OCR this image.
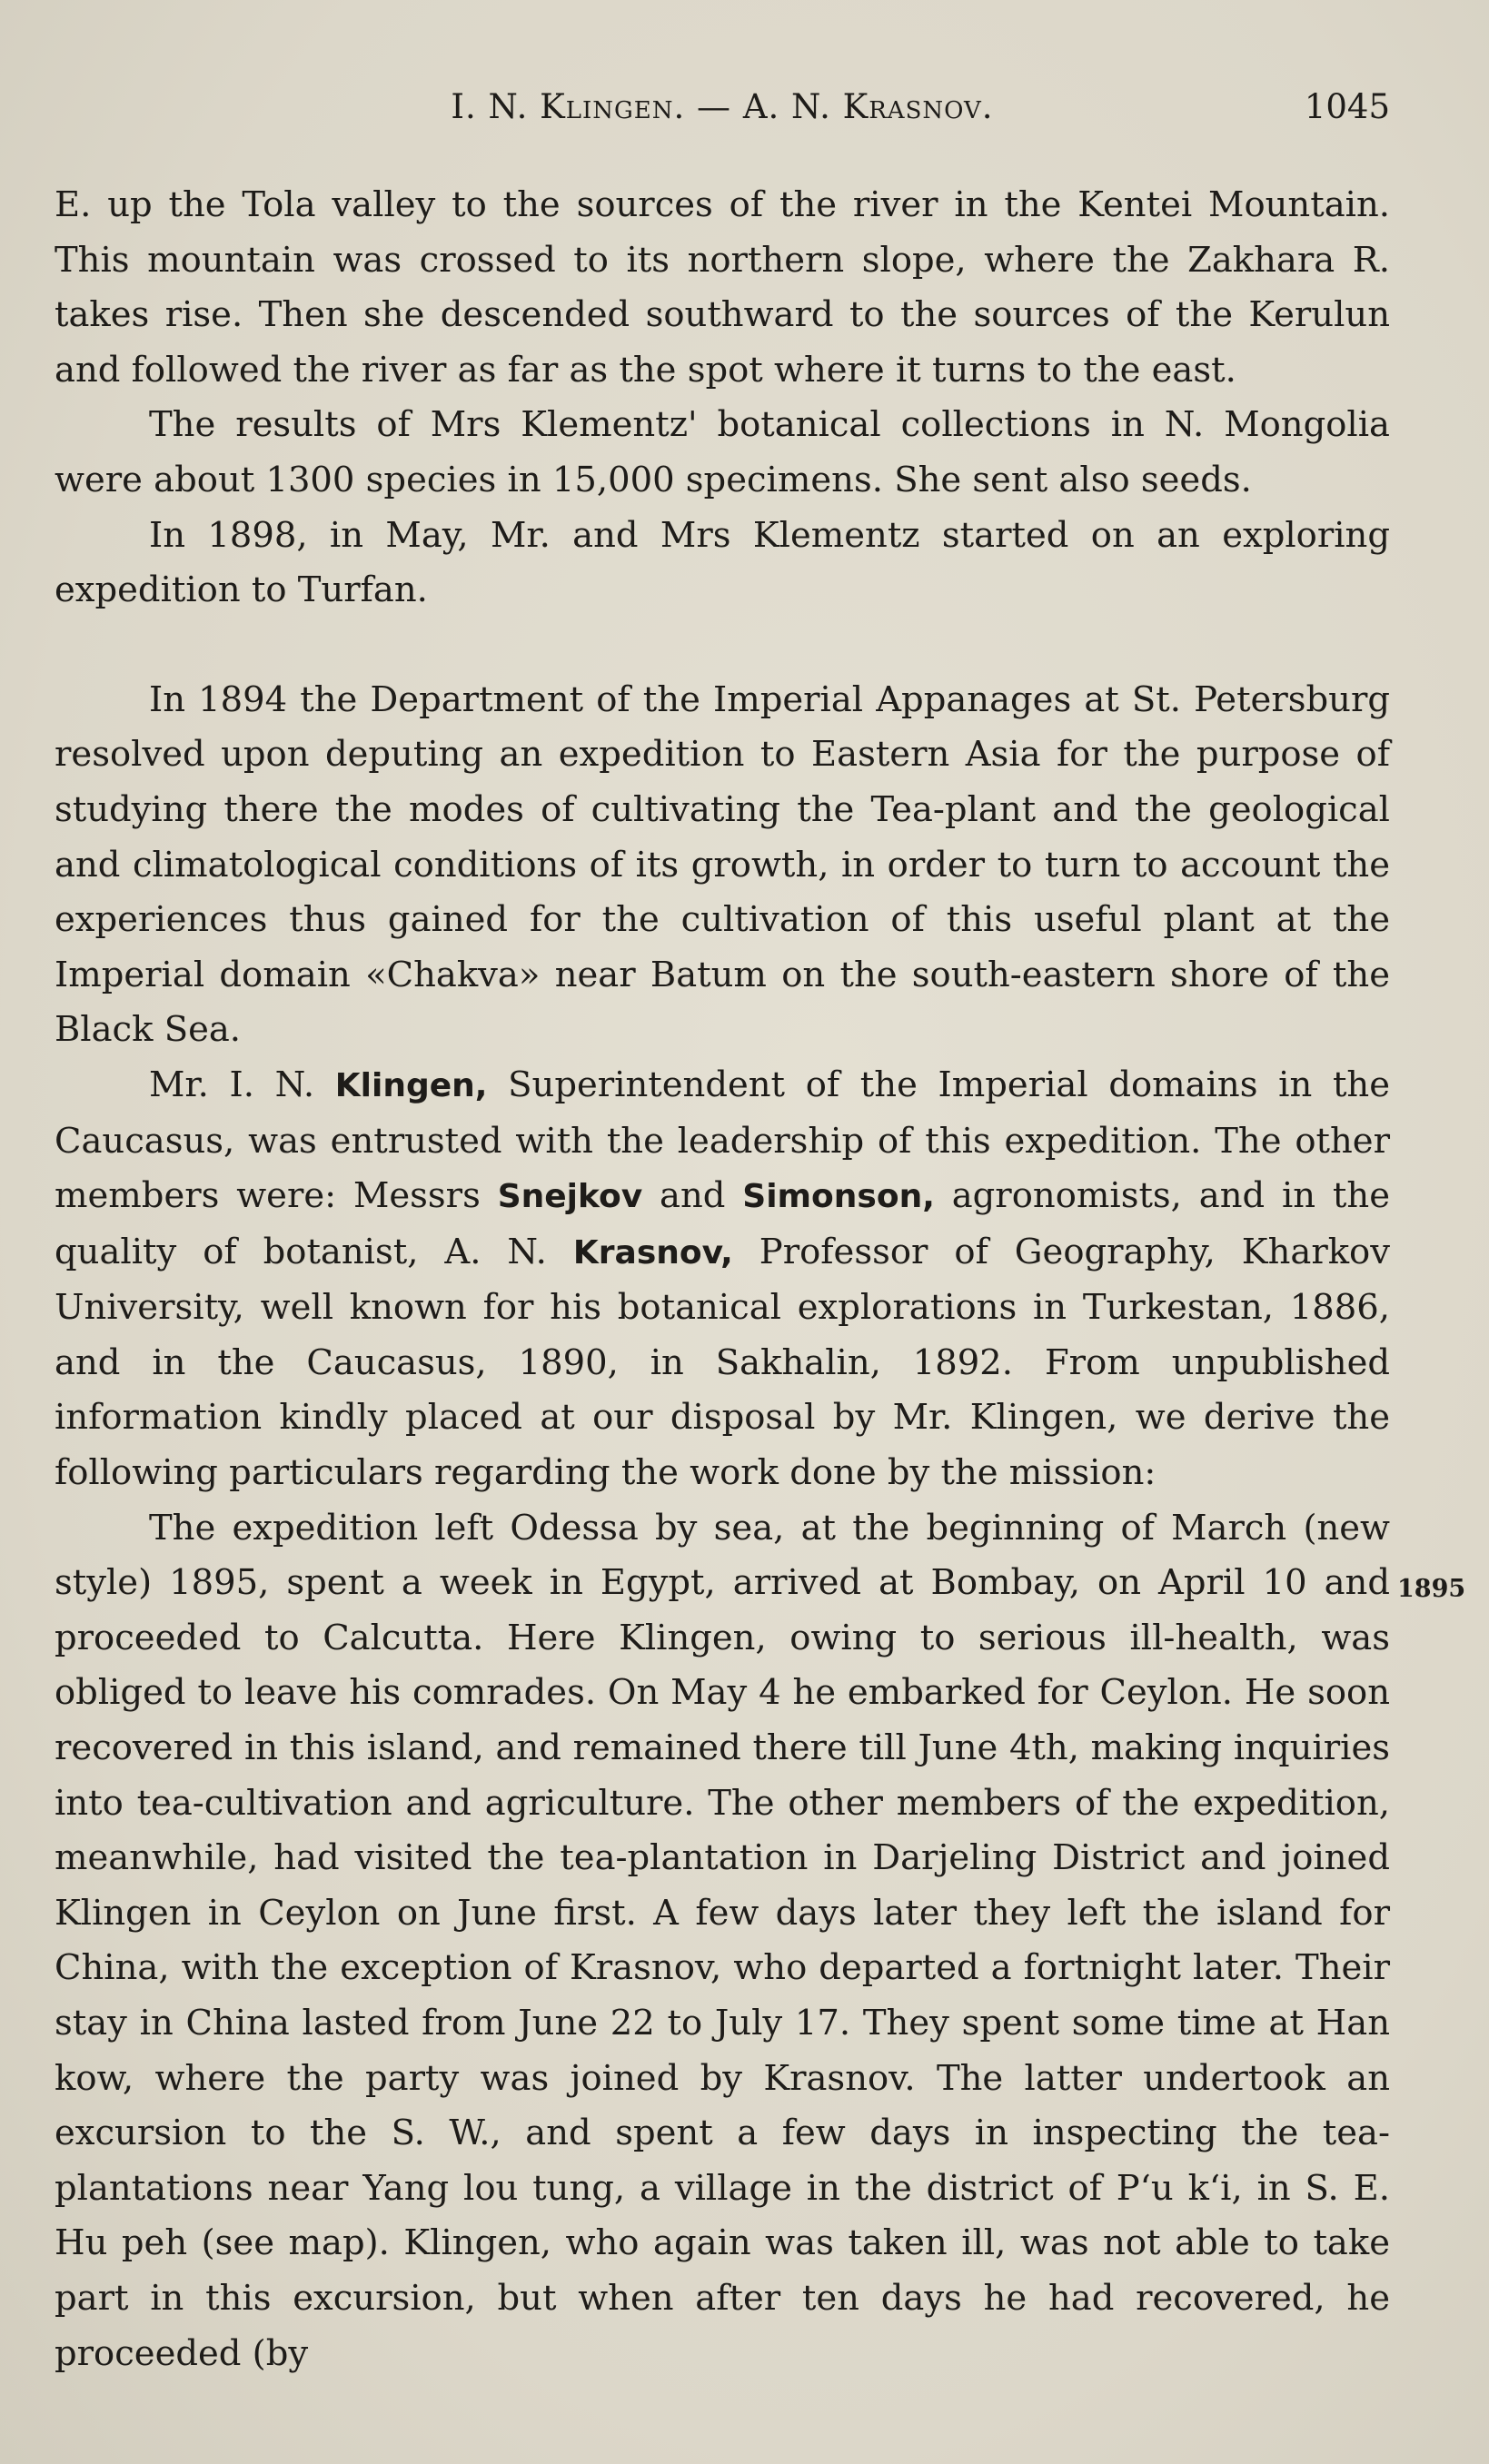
I. N. Klingen. — A. N. Krasnov.	1045

E. up the Tola valley to the sources of the river in the Kentei Mountain. This mountain was crossed to its northern slope, where the Zakhara R. takes rise. Then she descended southward to the sources of the Kerulun and followed the river as far as the spot where it turns to the east.

The results of Mrs Klementz' botanical collections in N. Mongolia were about 1300 species in 15,000 specimens. She sent also seeds.

In 1898, in May, Mr. and Mrs Klementz started on an exploring expedition to Turfan.

In 1894 the Department of the Imperial Appanages at St. Petersburg resolved upon deputing an expedition to Eastern Asia for the purpose of studying there the modes of cultivating the Tea-plant and the geological and climatological conditions of its growth, in order to turn to account the experiences thus gained for the cultivation of this useful plant at the Imperial domain «Chakva» near Batum on the south-eastern shore of the Black Sea.

Mr. I. N. Klingen, Superintendent of the Imperial domains in the Caucasus, was entrusted with the leadership of this expedition. The other members were: Messrs Snejkov and Simonson, agronomists, and in the quality of botanist, A. N. Krasnov, Professor of Geography, Kharkov University, well known for his botanical explorations in Turkestan, 1886, and in the Caucasus, 1890, in Sakhalin, 1892. From unpublished information kindly placed at our disposal by Mr. Klingen, we derive the following particulars regarding the work done by the mission:

The expedition left Odessa by sea, at the beginning of March (new style) 1895, spent a week in Egypt, arrived at Bombay, on April 10 and proceeded to Calcutta. Here Klingen, owing to serious ill-health, was obliged to leave his comrades. On May 4 he embarked for Ceylon. He soon recovered in this island, and remained there till June 4th, making inquiries into tea-cultivation and agriculture. The other members of the expedition, meanwhile, had visited the tea-plantation in Darjeling District and joined Klingen in Ceylon on June first. A few days later they left the island for China, with the exception of Krasnov, who departed a fortnight later. Their stay in China lasted from June 22 to July 17. They spent some time at Han kow, where the party was joined by Krasnov. The latter undertook an excursion to the S. W., and spent a few days in inspecting the tea-plantations near Yang lou tung, a village in the district of Pʻu kʻi, in S. E. Hu peh (see map). Klingen, who again was taken ill, was not able to take part in this excursion, but when after ten days he had recovered, he proceeded (by

1895
